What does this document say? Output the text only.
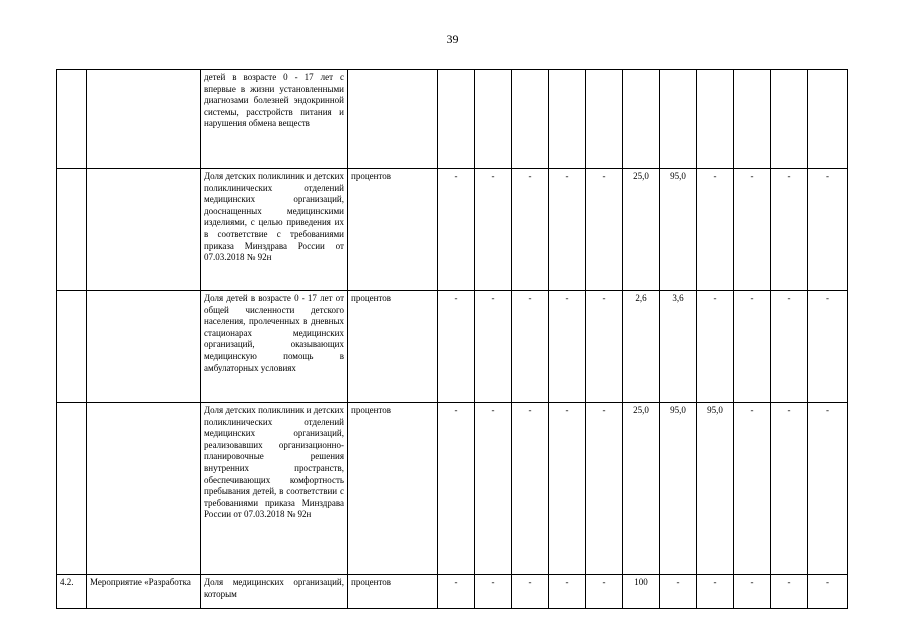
39
		детей в возрасте 0 - 17 лет с впервые в жизни установленными диагнозами болезней эндокринной системы, расстройств питания и нарушения обмена веществ												
		Доля детских поликлиник и детских поликлинических отделений медицинских организаций, дооснащенных медицинскими изделиями, с целью приведения их в соответствие с требованиями приказа Минздрава России от 07.03.2018 № 92н	процентов	-	-	-	-	-	25,0	95,0	-	-	-	-
		Доля детей в возрасте 0 - 17 лет от общей численности детского населения, пролеченных в дневных стационарах медицинских организаций, оказывающих медицинскую помощь в амбулаторных условиях	процентов	-	-	-	-	-	2,6	3,6	-	-	-	-
		Доля детских поликлиник и детских поликлинических отделений медицинских организаций, реализовавших организационно-планировочные решения внутренних пространств, обеспечивающих комфортность пребывания детей, в соответствии с требованиями приказа Минздрава России от 07.03.2018 № 92н	процентов	-	-	-	-	-	25,0	95,0	95,0	-	-	-
4.2.	Мероприятие «Разработка	Доля медицинских организаций, которым	процентов	-	-	-	-	-	100	-	-	-	-	-
